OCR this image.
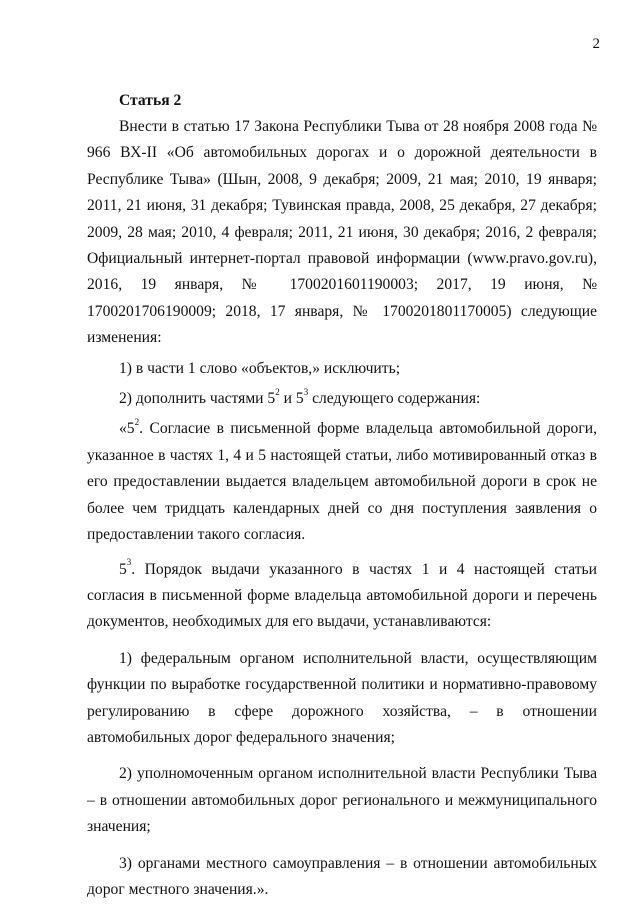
2
Статья 2

Внести в статью 17 Закона Республики Тыва от 28 ноября 2008 года № 966 ВХ-II «Об автомобильных дорогах и о дорожной деятельности в Республике Тыва» (Шын, 2008, 9 декабря; 2009, 21 мая; 2010, 19 января; 2011, 21 июня, 31 декабря; Тувинская правда, 2008, 25 декабря, 27 декабря; 2009, 28 мая; 2010, 4 февраля; 2011, 21 июня, 30 декабря; 2016, 2 февраля; Официальный интернет-портал правовой информации (www.pravo.gov.ru), 2016, 19 января, № 1700201601190003; 2017, 19 июня, № 1700201706190009; 2018, 17 января, № 1700201801170005) следующие изменения:

1) в части 1 слово «объектов,» исключить;

2) дополнить частями $5^2$ и $5^3$ следующего содержания:

«$5^2$. Согласие в письменной форме владельца автомобильной дороги, указанное в частях 1, 4 и 5 настоящей статьи, либо мотивированный отказ в его предоставлении выдается владельцем автомобильной дороги в срок не более чем тридцать календарных дней со дня поступления заявления о предоставлении такого согласия.

$5^3$. Порядок выдачи указанного в частях 1 и 4 настоящей статьи согласия в письменной форме владельца автомобильной дороги и перечень документов, необходимых для его выдачи, устанавливаются:

1) федеральным органом исполнительной власти, осуществляющим функции по выработке государственной политики и нормативно-правовому регулированию в сфере дорожного хозяйства, – в отношении автомобильных дорог федерального значения;

2) уполномоченным органом исполнительной власти Республики Тыва – в отношении автомобильных дорог регионального и межмуниципального значения;

3) органами местного самоуправления – в отношении автомобильных дорог местного значения.».
